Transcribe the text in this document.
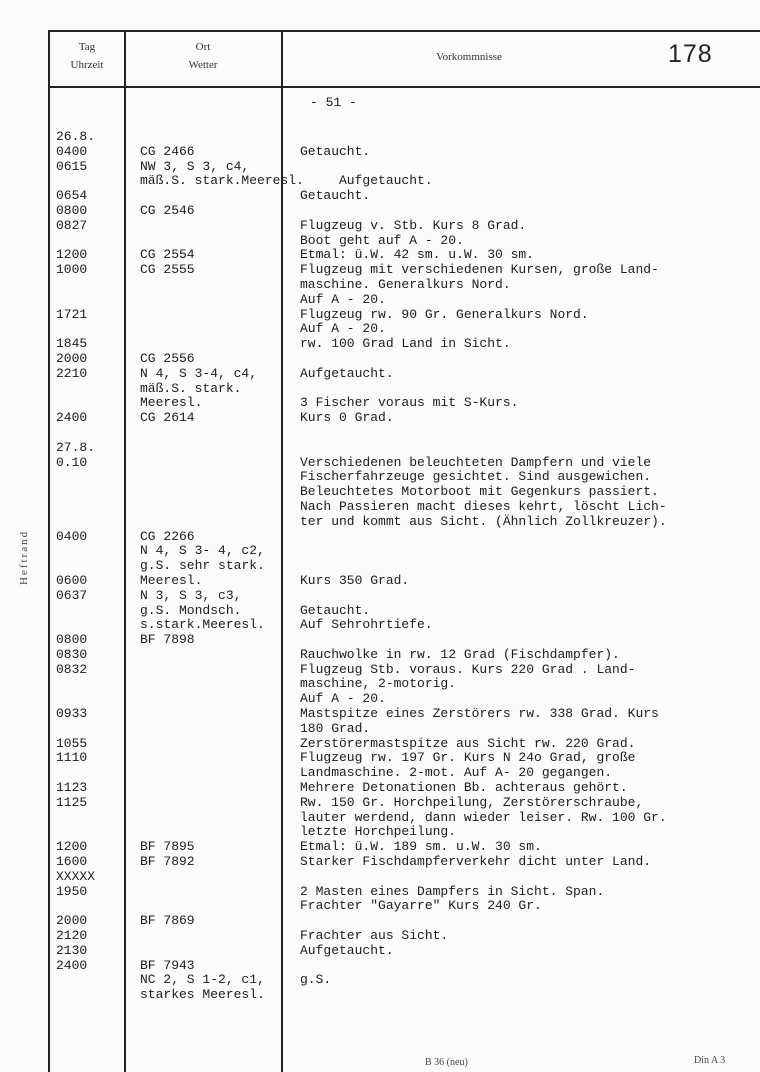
Tag
Uhrzeit
Ort
Wetter
Vorkommnisse	178
- 51 -
26.8.
0400
0615

0654
0800
0827

1200
1000

1721

1845
2000
2210

2400

27.8.
0.10

0400

0600
0637

0800
0830
0832

0933

1055
1110

1123
1125

1200
1600
XXXXX
1950

2000
2120
2130
2400

CG 2466
NW 3, S 3, c4,
mäß.S. stark.Meeresl.

CG 2546

CG 2554
CG 2555

CG 2556
N 4, S 3-4, c4,
mäß.S. stark.
Meeresl.
CG 2614

CG 2266
N 4, S 3- 4, c2,
g.S. sehr stark.
Meeresl.
N 3, S 3, c3,
g.S. Mondsch.
s.stark.Meeresl.
BF 7898

BF 7895
BF 7892

BF 7869

BF 7943
NC 2, S 1-2, c1,
starkes Meeresl.

Getaucht.

Aufgetaucht.
Getaucht.

Flugzeug v. Stb. Kurs 8 Grad.
Boot geht auf A - 20.
Etmal: ü.W. 42 sm. u.W. 30 sm.
Flugzeug mit verschiedenen Kursen, große Land-
maschine. Generalkurs Nord.
Auf A - 20.
Flugzeug rw. 90 Gr. Generalkurs Nord.
Auf A - 20.
rw. 100 Grad Land in Sicht.

Aufgetaucht.

3 Fischer voraus mit S-Kurs.
Kurs 0 Grad.

Verschiedenen beleuchteten Dampfern und viele
Fischerfahrzeuge gesichtet. Sind ausgewichen.
Beleuchtetes Motorboot mit Gegenkurs passiert.
Nach Passieren macht dieses kehrt, löscht Lich-
ter und kommt aus Sicht. (Ähnlich Zollkreuzer).

Kurs 350 Grad.

Getaucht.
Auf Sehrohrtiefe.

Rauchwolke in rw. 12 Grad (Fischdampfer).
Flugzeug Stb. voraus. Kurs 220 Grad . Land-
maschine, 2-motorig.
Auf A - 20.
Mastspitze eines Zerstörers rw. 338 Grad. Kurs
180 Grad.
Zerstörermastspitze aus Sicht rw. 220 Grad.
Flugzeug rw. 197 Gr. Kurs N 24o Grad, große
Landmaschine. 2-mot. Auf A- 20 gegangen.
Mehrere Detonationen Bb. achteraus gehört.
Rw. 150 Gr. Horchpeilung, Zerstörerschraube,
lauter werdend, dann wieder leiser. Rw. 100 Gr.
letzte Horchpeilung.
Etmal: ü.W. 189 sm. u.W. 30 sm.
Starker Fischdampferverkehr dicht unter Land.

2 Masten eines Dampfers in Sicht. Span.
Frachter "Gayarre" Kurs 240 Gr.

Frachter aus Sicht.
Aufgetaucht.

g.S.
Heftrand
B 36 (neu)	Din A 3
